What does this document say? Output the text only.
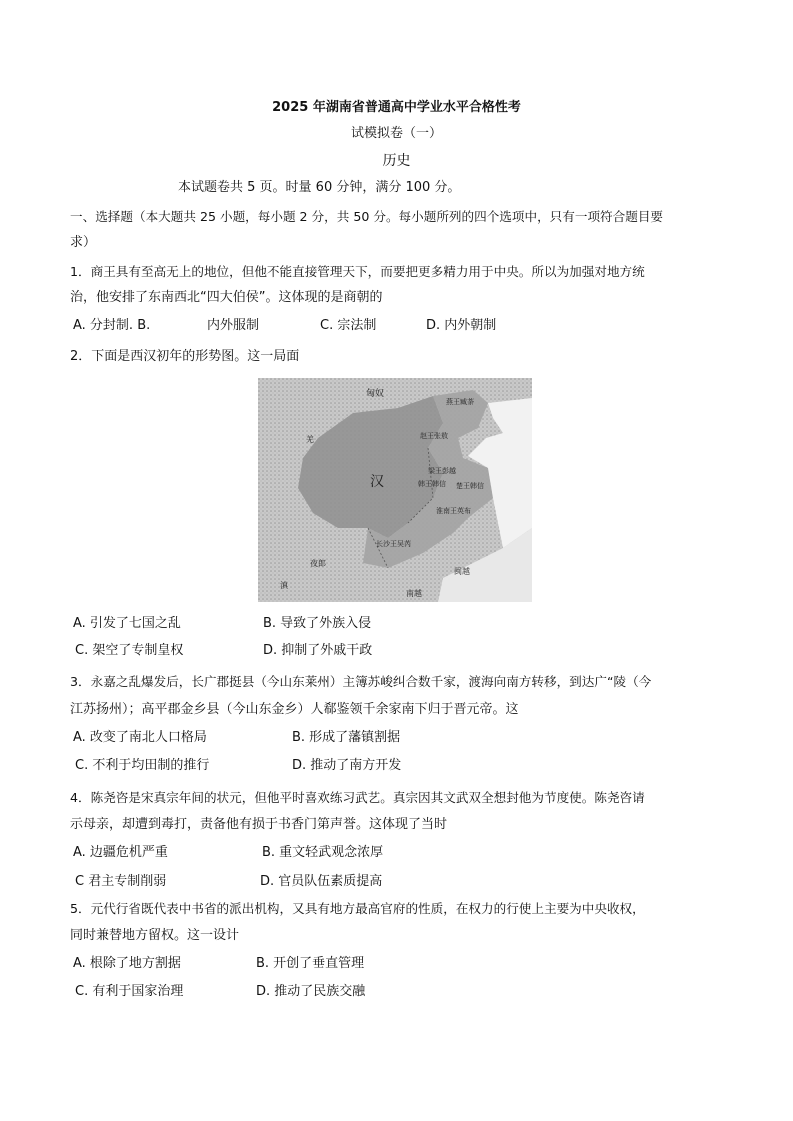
2025 年湖南省普通高中学业水平合格性考
试模拟卷（一）
历史
本试题卷共 5 页。时量 60 分钟，满分 100 分。
一、选择题（本大题共 25 小题，每小题 2 分，共 50 分。每小题所列的四个选项中，只有一项符合题目要
求）
1．商王具有至高无上的地位，但他不能直接管理天下，而要把更多精力用于中央。所以为加强对地方统
治，他安排了东南西北“四大伯侯”。这体现的是商朝的
A. 分封制. B.	内外服制	C. 宗法制	D. 内外朝制
2．下面是西汉初年的形势图。这一局面
匈奴
燕王臧荼
赵王张敖
汉
梁王彭越
韩王韩信 楚王韩信
淮南王英布
长沙王吴芮
夜郎
闽越
南越
滇
羌
A. 引发了七国之乱	B. 导致了外族入侵
C. 架空了专制皇权	D. 抑制了外戚干政
3．永嘉之乱爆发后，长广郡挺县（今山东莱州）主簿苏峻纠合数千家，渡海向南方转移，到达广“陵（今
江苏扬州）；高平郡金乡县（今山东金乡）人郗鉴领千余家南下归于晋元帝。这
A. 改变了南北人口格局	B. 形成了藩镇割据
C. 不利于均田制的推行	D. 推动了南方开发
4．陈尧咨是宋真宗年间的状元，但他平时喜欢练习武艺。真宗因其文武双全想封他为节度使。陈尧咨请
示母亲，却遭到毒打，责备他有损于书香门第声誉。这体现了当时
A. 边疆危机严重	B. 重文轻武观念浓厚
C 君主专制削弱	D. 官员队伍素质提高
5．元代行省既代表中书省的派出机构，又具有地方最高官府的性质，在权力的行使上主要为中央收权，
同时兼替地方留权。这一设计
A. 根除了地方割据	B. 开创了垂直管理
C. 有利于国家治理	D. 推动了民族交融
